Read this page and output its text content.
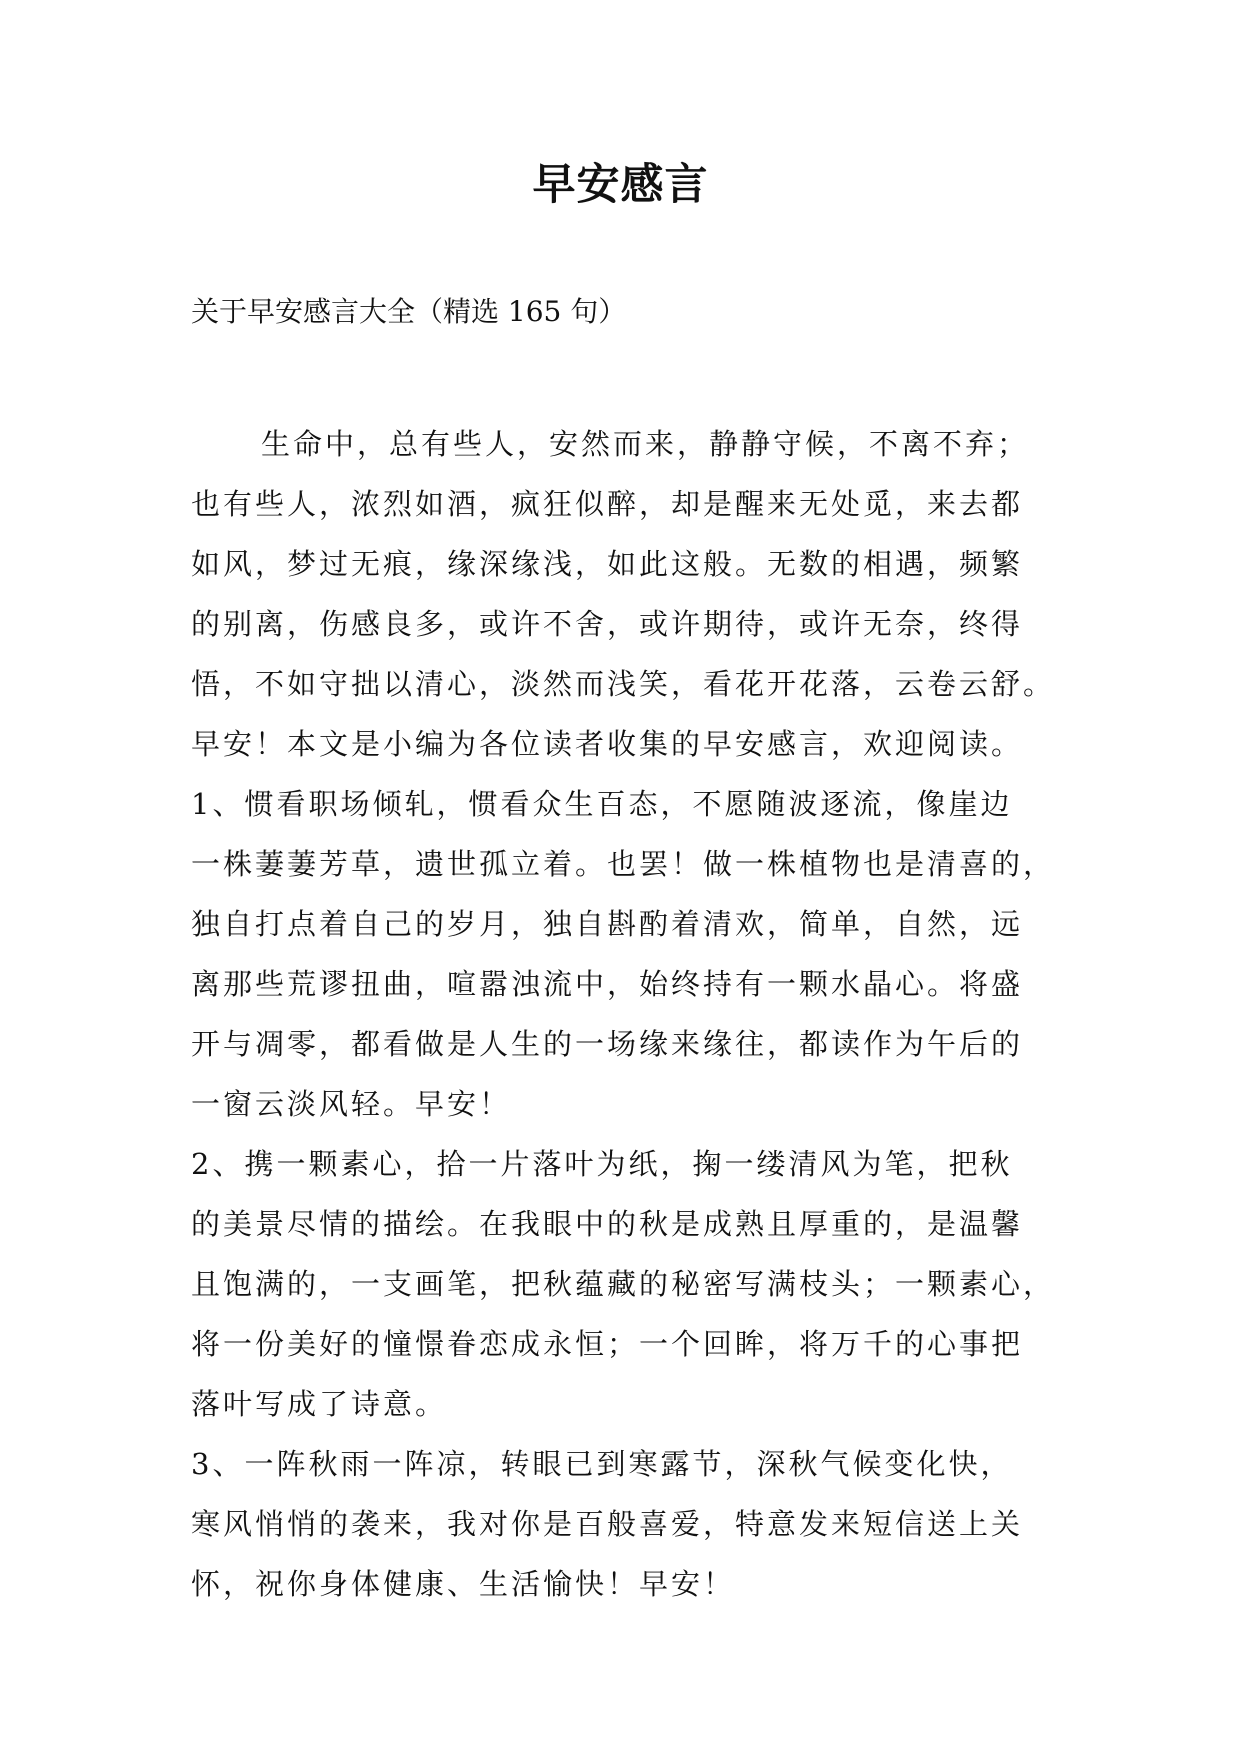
早安感言
关于早安感言大全（精选 165 句）
生命中，总有些人，安然而来，静静守候，不离不弃；
也有些人，浓烈如酒，疯狂似醉，却是醒来无处觅，来去都
如风，梦过无痕，缘深缘浅，如此这般。无数的相遇，频繁
的别离，伤感良多，或许不舍，或许期待，或许无奈，终得
悟，不如守拙以清心，淡然而浅笑，看花开花落，云卷云舒。
早安！本文是小编为各位读者收集的早安感言，欢迎阅读。
1、惯看职场倾轧，惯看众生百态，不愿随波逐流，像崖边
一株萋萋芳草，遗世孤立着。也罢！做一株植物也是清喜的，
独自打点着自己的岁月，独自斟酌着清欢，简单，自然，远
离那些荒谬扭曲，喧嚣浊流中，始终持有一颗水晶心。将盛
开与凋零，都看做是人生的一场缘来缘往，都读作为午后的
一窗云淡风轻。早安！
2、携一颗素心，拾一片落叶为纸，掬一缕清风为笔，把秋
的美景尽情的描绘。在我眼中的秋是成熟且厚重的，是温馨
且饱满的，一支画笔，把秋蕴藏的秘密写满枝头；一颗素心，
将一份美好的憧憬眷恋成永恒；一个回眸，将万千的心事把
落叶写成了诗意。
3、一阵秋雨一阵凉，转眼已到寒露节，深秋气候变化快，
寒风悄悄的袭来，我对你是百般喜爱，特意发来短信送上关
怀，祝你身体健康、生活愉快！早安！
